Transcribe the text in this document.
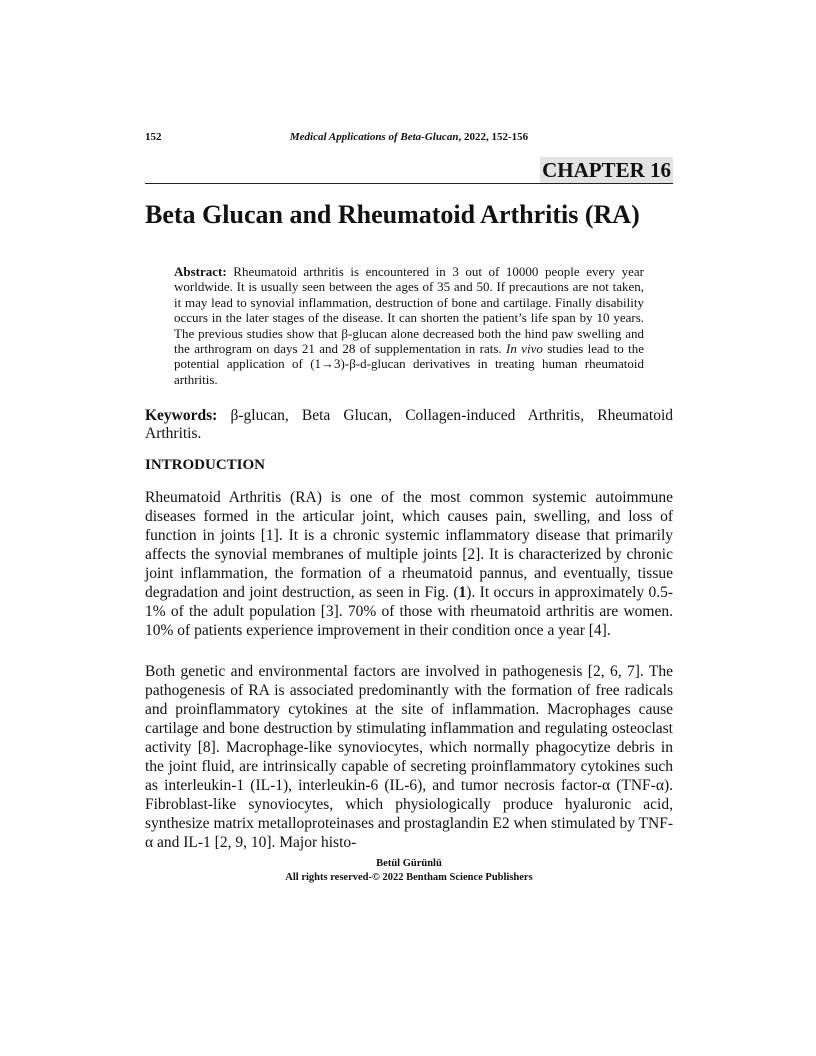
152	Medical Applications of Beta-Glucan, 2022, 152-156
CHAPTER 16
Beta Glucan and Rheumatoid Arthritis (RA)
Abstract: Rheumatoid arthritis is encountered in 3 out of 10000 people every year worldwide. It is usually seen between the ages of 35 and 50. If precautions are not taken, it may lead to synovial inflammation, destruction of bone and cartilage. Finally disability occurs in the later stages of the disease. It can shorten the patient’s life span by 10 years. The previous studies show that β-glucan alone decreased both the hind paw swelling and the arthrogram on days 21 and 28 of supplementation in rats. In vivo studies lead to the potential application of (1→3)-β-d-glucan derivatives in treating human rheumatoid arthritis.
Keywords: β-glucan, Beta Glucan, Collagen-induced Arthritis, Rheumatoid Arthritis.
INTRODUCTION
Rheumatoid Arthritis (RA) is one of the most common systemic autoimmune diseases formed in the articular joint, which causes pain, swelling, and loss of function in joints [1]. It is a chronic systemic inflammatory disease that primarily affects the synovial membranes of multiple joints [2]. It is characterized by chronic joint inflammation, the formation of a rheumatoid pannus, and eventually, tissue degradation and joint destruction, as seen in Fig. (1). It occurs in approximately 0.5-1% of the adult population [3]. 70% of those with rheumatoid arthritis are women. 10% of patients experience improvement in their condition once a year [4].
Both genetic and environmental factors are involved in pathogenesis [2, 6, 7]. The pathogenesis of RA is associated predominantly with the formation of free radicals and proinflammatory cytokines at the site of inflammation. Macrophages cause cartilage and bone destruction by stimulating inflammation and regulating osteoclast activity [8]. Macrophage-like synoviocytes, which normally phagocytize debris in the joint fluid, are intrinsically capable of secreting proinflammatory cytokines such as interleukin-1 (IL-1), interleukin-6 (IL-6), and tumor necrosis factor-α (TNF-α). Fibroblast-like synoviocytes, which physiologically produce hyaluronic acid, synthesize matrix metalloproteinases and prostaglandin E2 when stimulated by TNF-α and IL-1 [2, 9, 10]. Major histo-
Betül Gürünlü
All rights reserved-© 2022 Bentham Science Publishers
